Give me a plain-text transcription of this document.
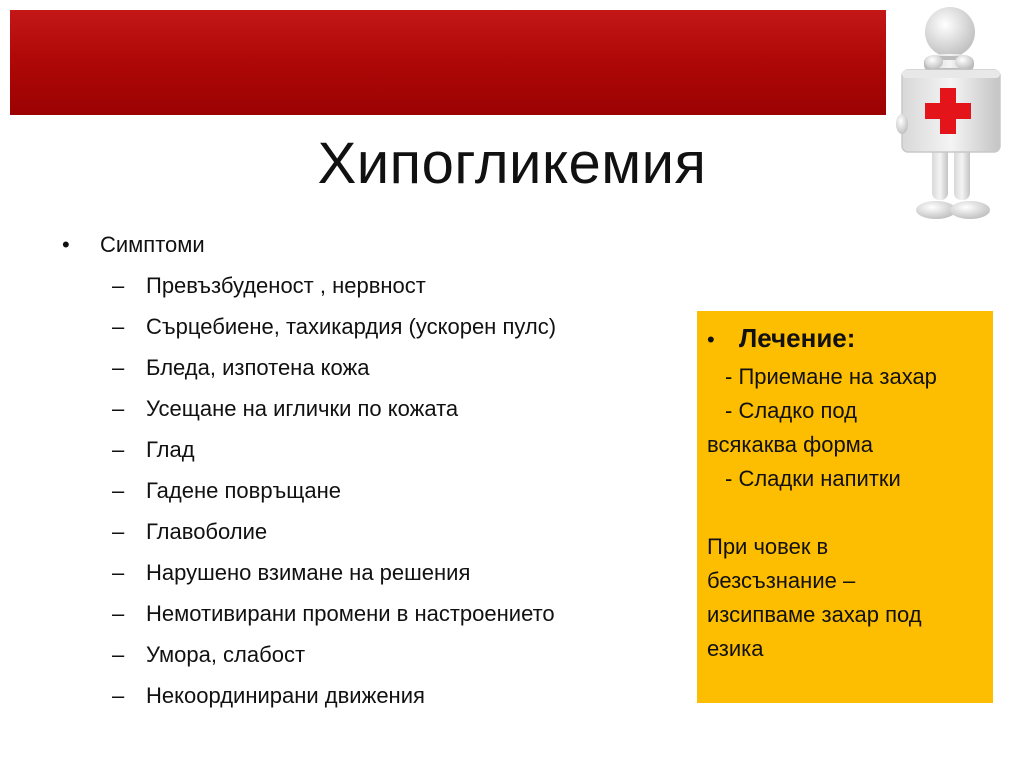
Хипогликемия
•	Симптоми
– Превъзбуденост , нервност
– Сърцебиене, тахикардия (ускорен пулс)
– Бледа, изпотена кожа
– Усещане на иглички по кожата
– Глад
– Гадене повръщане
– Главоболие
– Нарушено взимане на решения
– Немотивирани промени в настроението
– Умора, слабост
– Некоординирани движения
• Лечение:
- Приемане на захар
- Сладко под
всякаква форма
- Сладки напитки
При човек в
безсъзнание –
изсипваме захар под
езика
